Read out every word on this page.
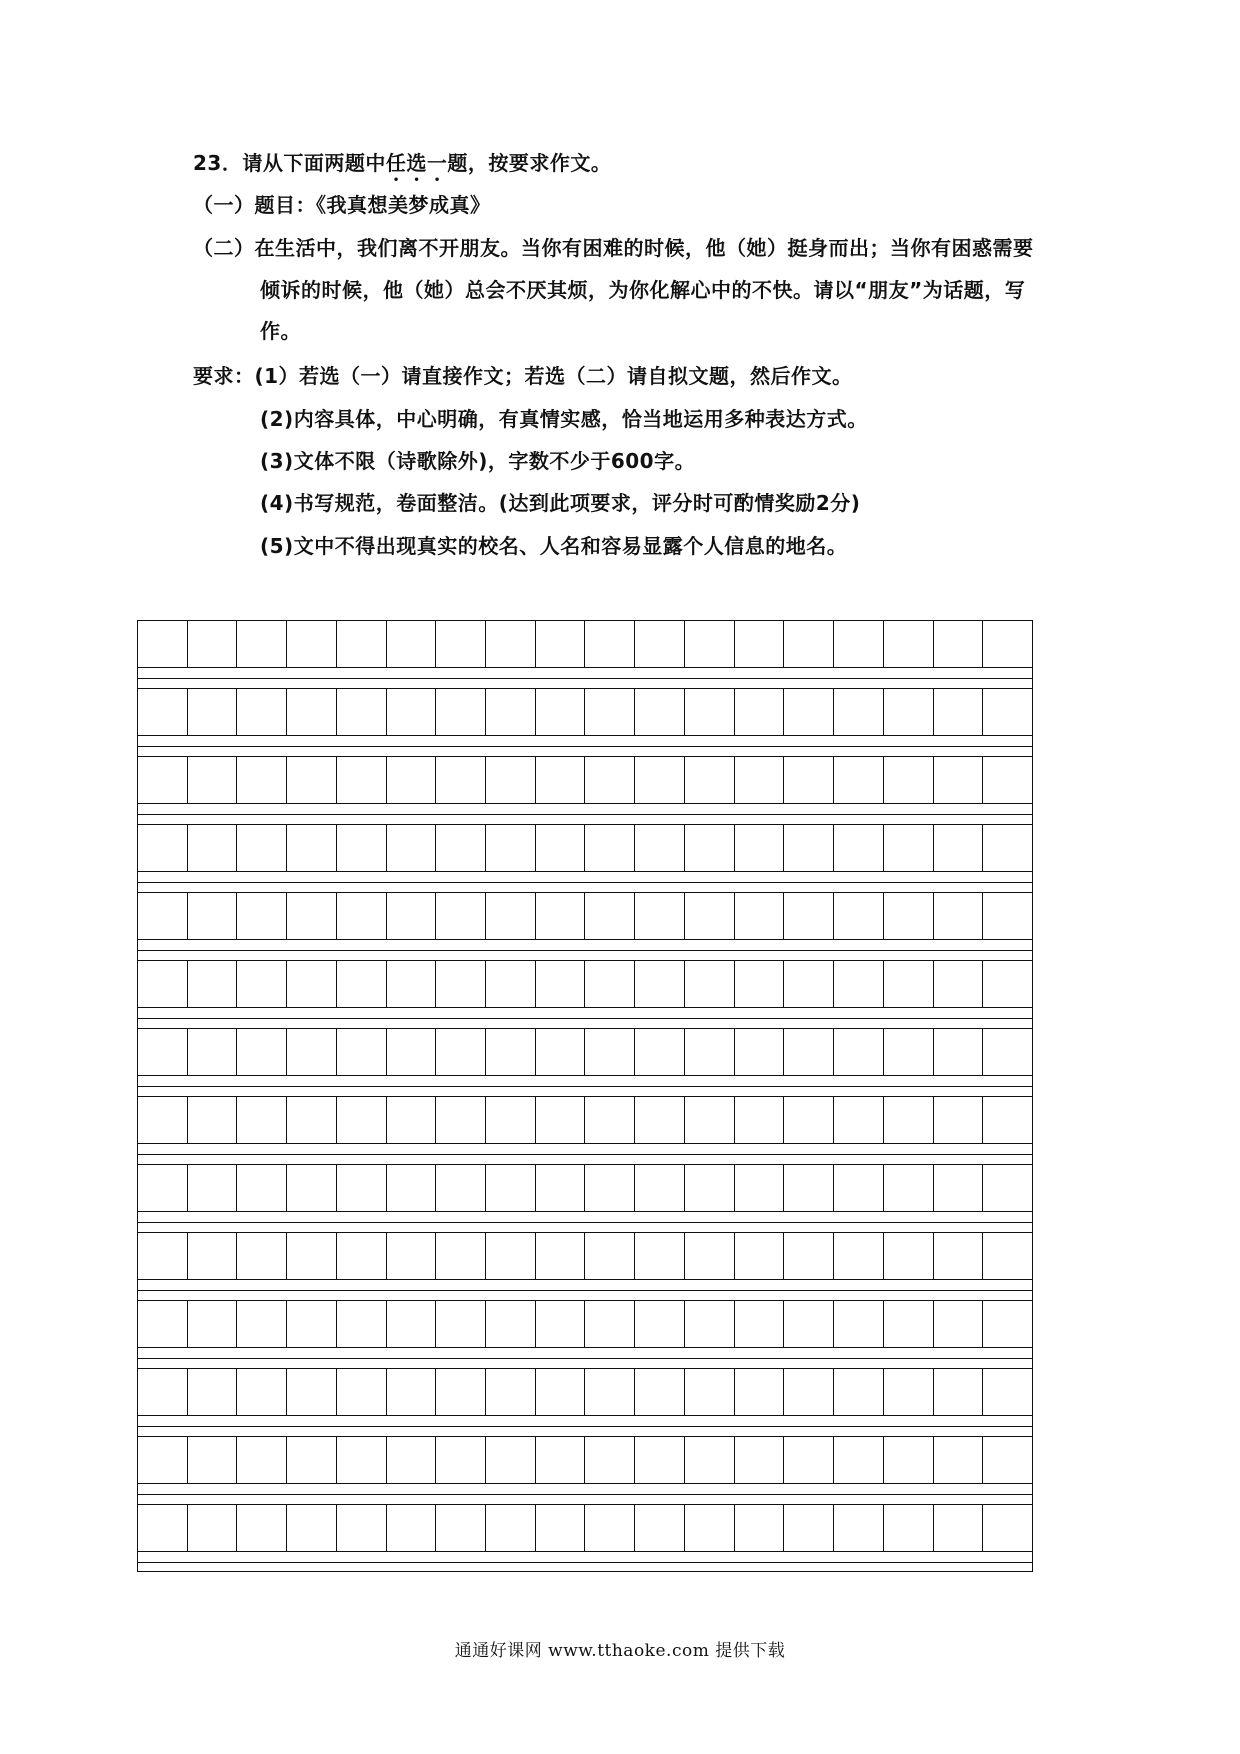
23．请从下面两题中任选一题，按要求作文。
（一）题目：《我真想美梦成真》
（二）在生活中，我们离不开朋友。当你有困难的时候，他（她）挺身而出；当你有困惑需要
倾诉的时候，他（她）总会不厌其烦，为你化解心中的不快。请以“朋友”为话题，写
作。
要求：(1）若选（一）请直接作文；若选（二）请自拟文题，然后作文。
(2)内容具体，中心明确，有真情实感，恰当地运用多种表达方式。
(3)文体不限（诗歌除外)，字数不少于600字。
(4)书写规范，卷面整洁。(达到此项要求，评分时可酌情奖励2分)
(5)文中不得出现真实的校名、人名和容易显露个人信息的地名。
通通好课网 www.tthaoke.com 提供下载
